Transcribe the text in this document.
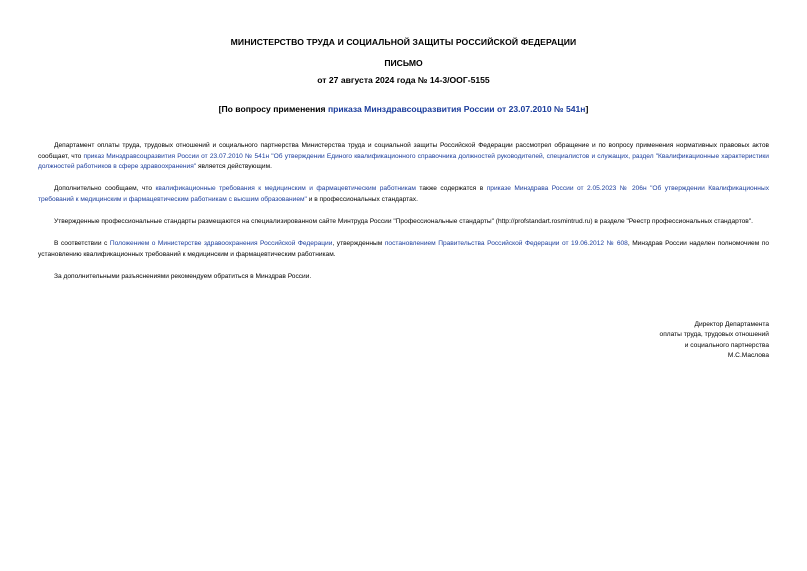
МИНИСТЕРСТВО ТРУДА И СОЦИАЛЬНОЙ ЗАЩИТЫ РОССИЙСКОЙ ФЕДЕРАЦИИ
ПИСЬМО
от 27 августа 2024 года № 14-3/ООГ-5155
[По вопросу применения приказа Минздравсоцразвития России от 23.07.2010 № 541н]

Департамент оплаты труда, трудовых отношений и социального партнерства Министерства труда и социальной защиты Российской Федерации рассмотрел обращение и по вопросу применения нормативных правовых актов сообщает, что приказ Минздравсоцразвития России от 23.07.2010 № 541н "Об утверждении Единого квалификационного справочника должностей руководителей, специалистов и служащих, раздел "Квалификационные характеристики должностей работников в сфере здравоохранения" является действующим.

Дополнительно сообщаем, что квалификационные требования к медицинским и фармацевтическим работникам также содержатся в приказе Минздрава России от 2.05.2023 № 206н "Об утверждении Квалификационных требований к медицинским и фармацевтическим работникам с высшим образованием" и в профессиональных стандартах.

Утвержденные профессиональные стандарты размещаются на специализированном сайте Минтруда России "Профессиональные стандарты" (http://profstandart.rosmintrud.ru) в разделе "Реестр профессиональных стандартов".

В соответствии с Положением о Министерстве здравоохранения Российской Федерации, утвержденным постановлением Правительства Российской Федерации от 19.06.2012 № 608, Минздрав России наделен полномочием по установлению квалификационных требований к медицинским и фармацевтическим работникам.

За дополнительными разъяснениями рекомендуем обратиться в Минздрав России.

Директор Департамента
оплаты труда, трудовых отношений
и социального партнерства
М.С.Маслова
